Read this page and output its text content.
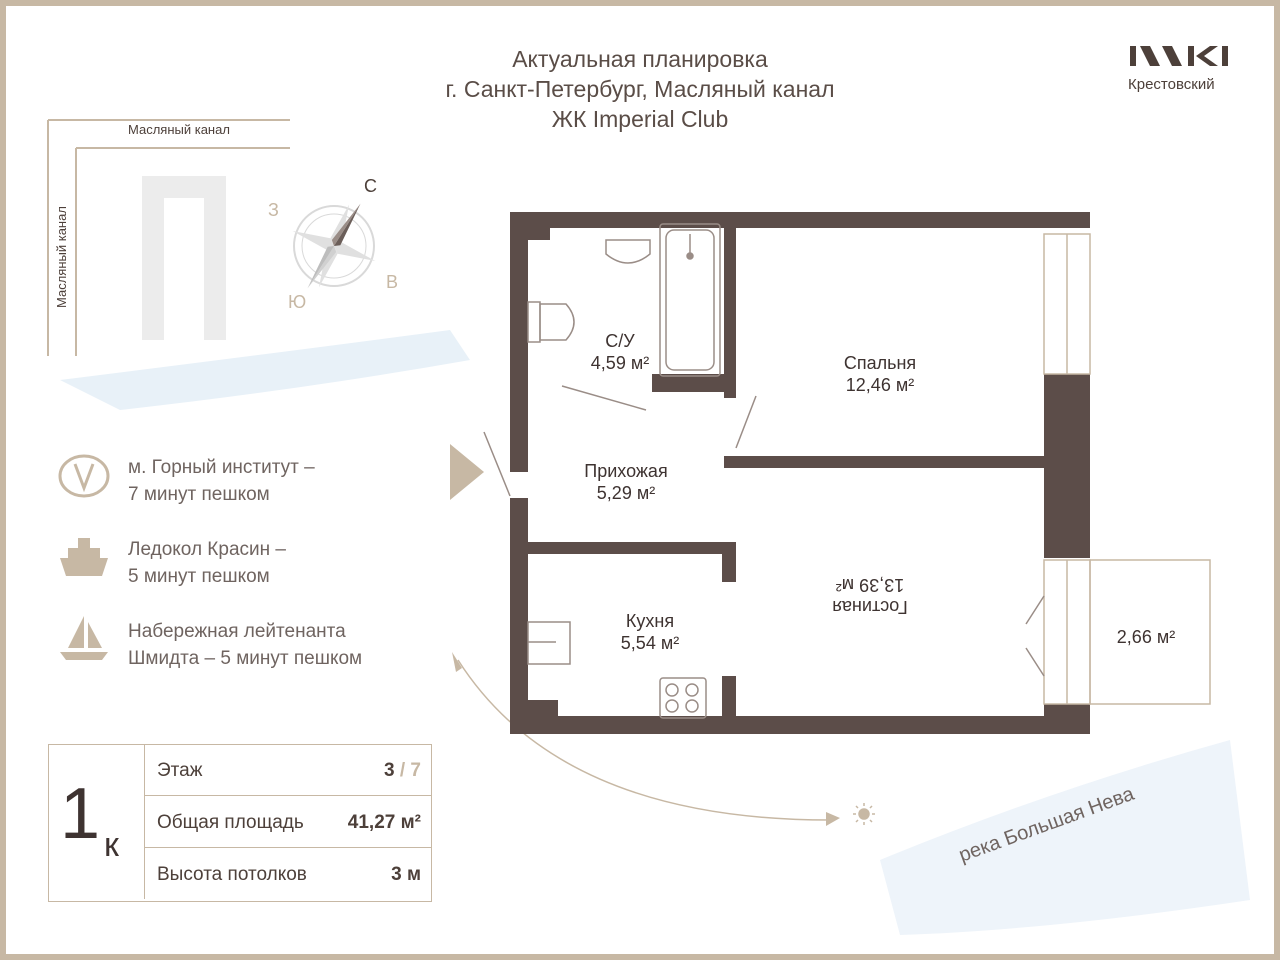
Актуальная планировка
г. Санкт-Петербург, Масляный канал
ЖК Imperial Club
Крестовский
Масляный канал
Масляный канал
С
З
В
Ю
м. Горный институт –
7 минут пешком
Ледокол Красин –
5 минут пешком
Набережная лейтенанта
Шмидта – 5 минут пешком
С/У
4,59 м²	Спальня
12,46 м²
Прихожая
5,29 м²
Кухня
5,54 м²
Гостиная
13,39 м²
2,66 м²
1 к
Этаж	3 / 7
Общая площадь 41,27 м²
Высота потолков	3 м
река Большая Нева
